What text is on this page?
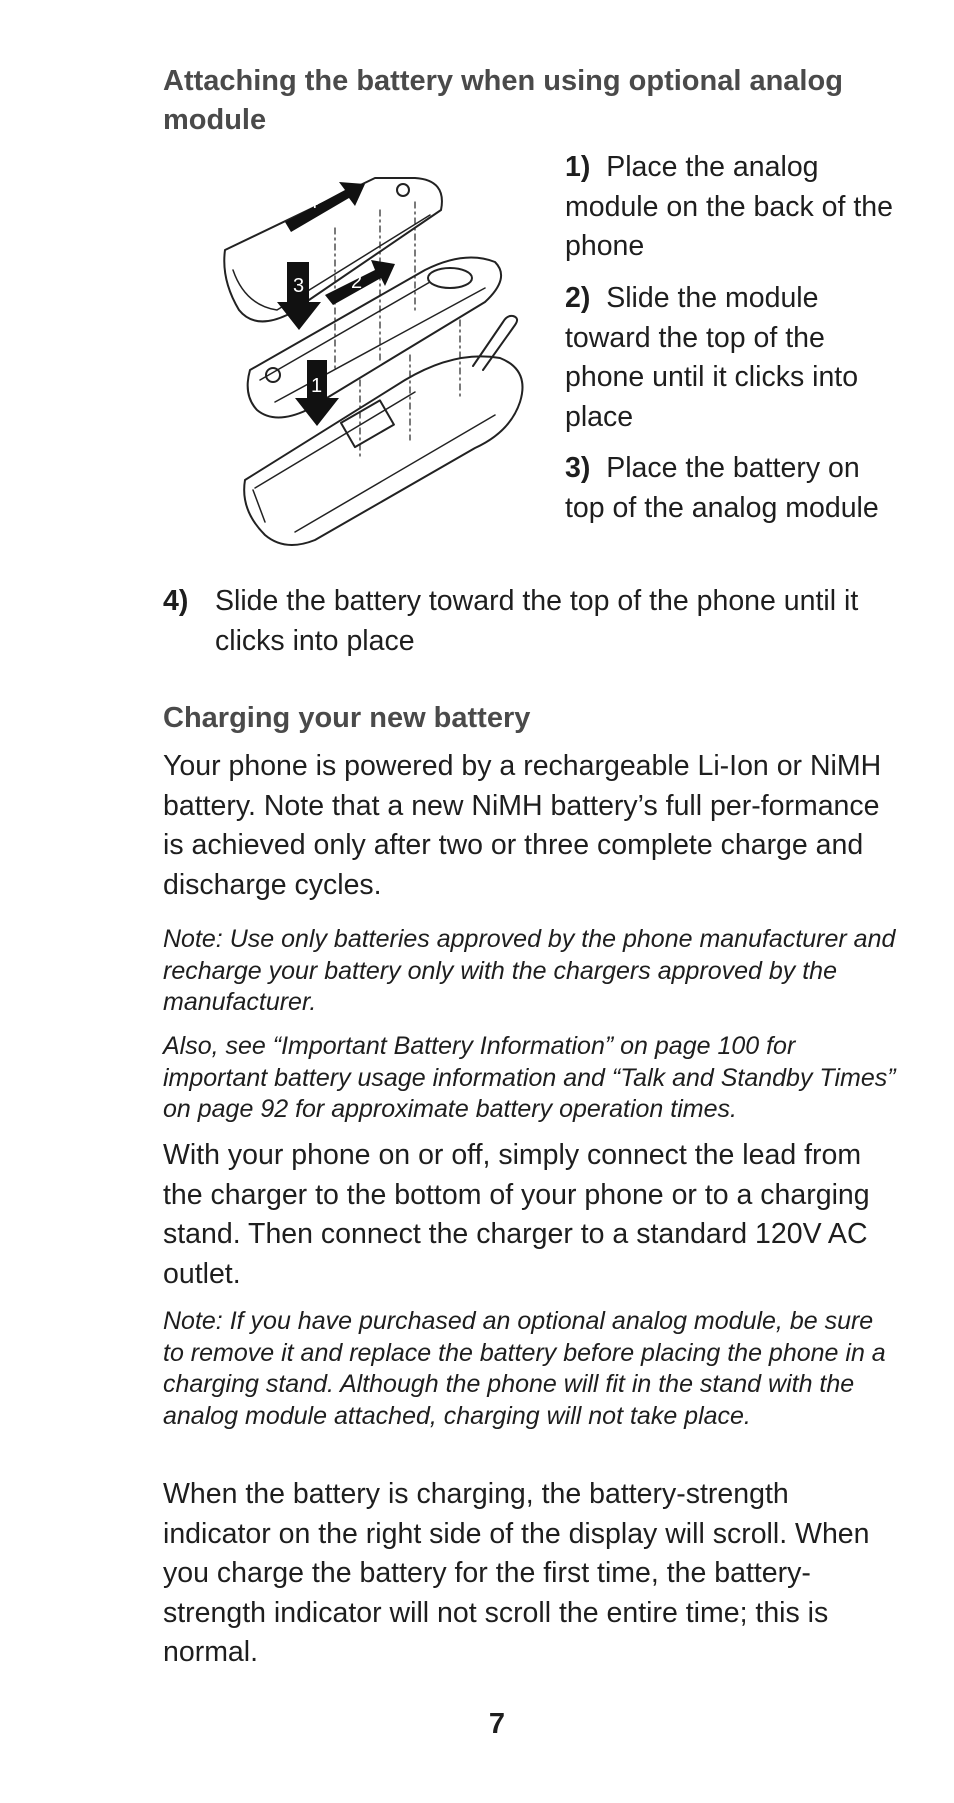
Attaching the battery when using optional analog module
4
3 2
1

1) Place the analog module on the back of the phone

2) Slide the module toward the top of the phone until it clicks into place

3) Place the battery on top of the analog module

4) Slide the battery toward the top of the phone until it clicks into place

Charging your new battery

Your phone is powered by a rechargeable Li-Ion or NiMH battery. Note that a new NiMH battery’s full per-formance is achieved only after two or three complete charge and discharge cycles.

Note: Use only batteries approved by the phone manufacturer and recharge your battery only with the chargers approved by the manufacturer.

Also, see “Important Battery Information” on page 100 for important battery usage information and “Talk and Standby Times” on page 92 for approximate battery operation times.

With your phone on or off, simply connect the lead from the charger to the bottom of your phone or to a charging stand. Then connect the charger to a standard 120V AC outlet.

Note: If you have purchased an optional analog module, be sure to remove it and replace the battery before placing the phone in a charging stand. Although the phone will fit in the stand with the analog module attached, charging will not take place.

When the battery is charging, the battery-strength indicator on the right side of the display will scroll. When you charge the battery for the first time, the battery-strength indicator will not scroll the entire time; this is normal.

7
